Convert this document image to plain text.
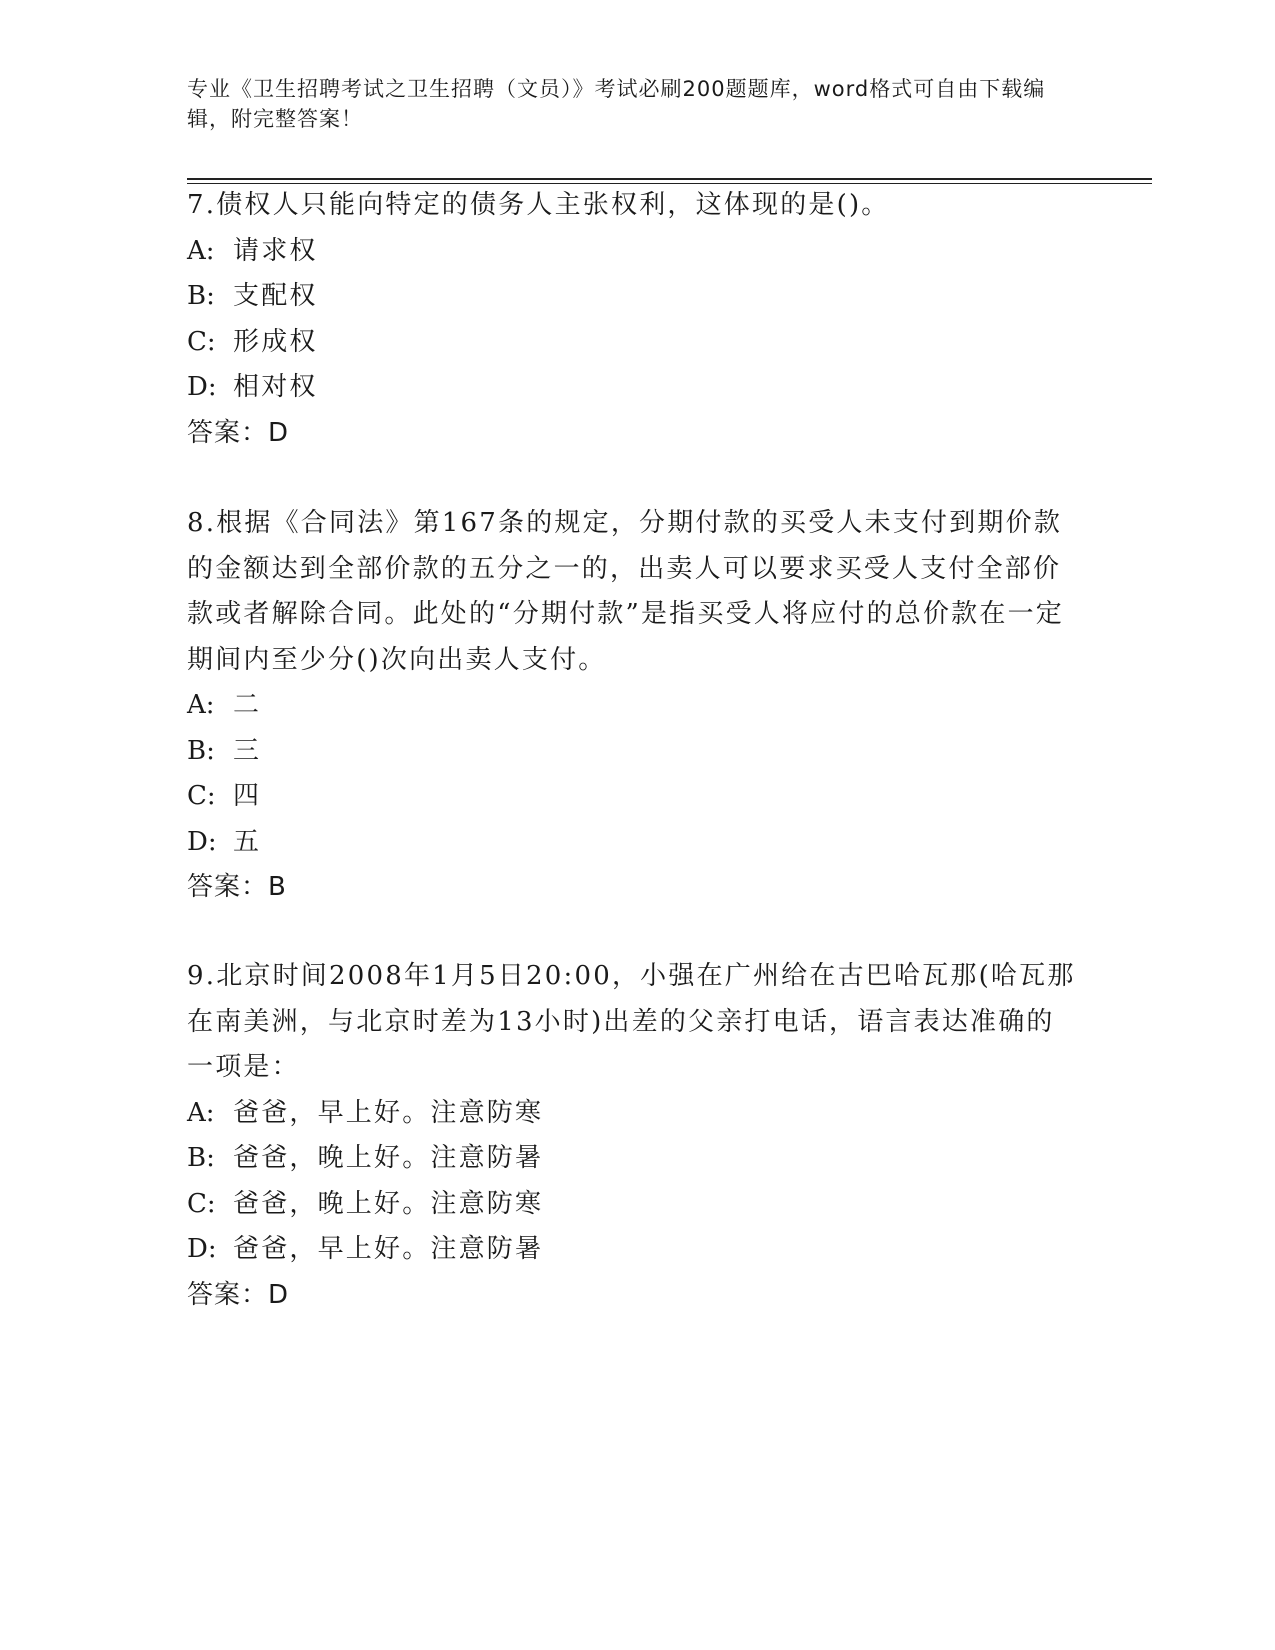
专业《卫生招聘考试之卫生招聘（文员）》考试必刷200题题库，word格式可自由下载编辑，附完整答案！

7.债权人只能向特定的债务人主张权利，这体现的是()。

A: 请求权

B: 支配权

C: 形成权

D: 相对权

答案：D

8.根据《合同法》第167条的规定，分期付款的买受人未支付到期价款的金额达到全部价款的五分之一的，出卖人可以要求买受人支付全部价款或者解除合同。此处的“分期付款”是指买受人将应付的总价款在一定期间内至少分()次向出卖人支付。

A: 二

B: 三

C: 四

D: 五

答案：B

9.北京时间2008年1月5日20:00，小强在广州给在古巴哈瓦那(哈瓦那在南美洲，与北京时差为13小时)出差的父亲打电话，语言表达准确的一项是：

A: 爸爸，早上好。注意防寒

B: 爸爸，晚上好。注意防暑

C: 爸爸，晚上好。注意防寒

D: 爸爸，早上好。注意防暑

答案：D
